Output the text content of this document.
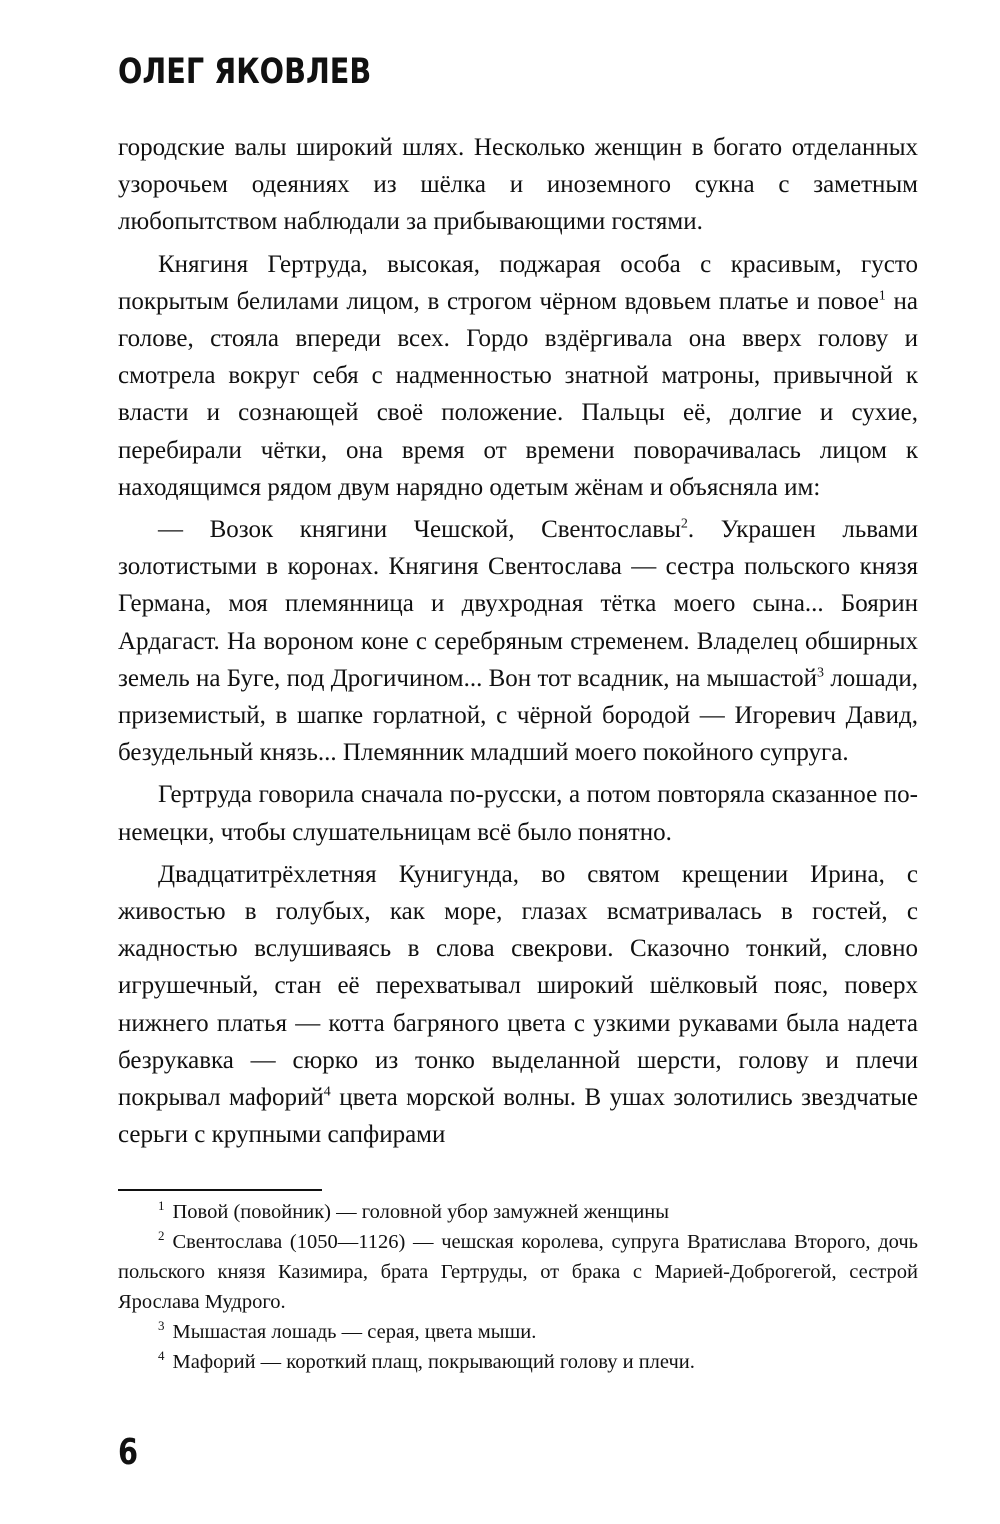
ОЛЕГ ЯКОВЛЕВ

городские валы широкий шлях. Несколько женщин в богато отделанных узорочьем одеяниях из шёлка и иноземного сукна с заметным любопытством наблюдали за прибывающими гостями.

Княгиня Гертруда, высокая, поджарая особа с красивым, густо покрытым белилами лицом, в строгом чёрном вдовьем платье и повое$^1$ на голове, стояла впереди всех. Гордо вздёргивала она вверх голову и смотрела вокруг себя с надменностью знатной матроны, привычной к власти и сознающей своё положение. Пальцы её, долгие и сухие, перебирали чётки, она время от времени поворачивалась лицом к находящимся рядом двум нарядно одетым жёнам и объясняла им:

— Возок княгини Чешской, Свентославы$^2$. Украшен львами золотистыми в коронах. Княгиня Свентослава — сестра польского князя Германа, моя племянница и двухродная тётка моего сына... Боярин Ардагаст. На вороном коне с серебряным стременем. Владелец обширных земель на Буге, под Дрогичином... Вон тот всадник, на мышастой$^3$ лошади, приземистый, в шапке горлатной, с чёрной бородой — Игоревич Давид, безудельный князь... Племянник младший моего покойного супруга.

Гертруда говорила сначала по-русски, а потом повторяла сказанное по-немецки, чтобы слушательницам всё было понятно.

Двадцатитрёхлетняя Кунигунда, во святом крещении Ирина, с живостью в голубых, как море, глазах всматривалась в гостей, с жадностью вслушиваясь в слова свекрови. Сказочно тонкий, словно игрушечный, стан её перехватывал широкий шёлковый пояс, поверх нижнего платья — котта багряного цвета с узкими рукавами была надета безрукавка — сюрко из тонко выделанной шерсти, голову и плечи покрывал мафорий$^4$ цвета морской волны. В ушах золотились звездчатые серьги с крупными сапфирами

$^1$ Повой (повойник) — головной убор замужней женщины

$^2$ Свентослава (1050—1126) — чешская королева, супруга Вратислава Второго, дочь польского князя Казимира, брата Гертруды, от брака с Марией-Доброгегой, сестрой Ярослава Мудрого.

$^3$ Мышастая лошадь — серая, цвета мыши.

$^4$ Мафорий — короткий плащ, покрывающий голову и плечи.

6
